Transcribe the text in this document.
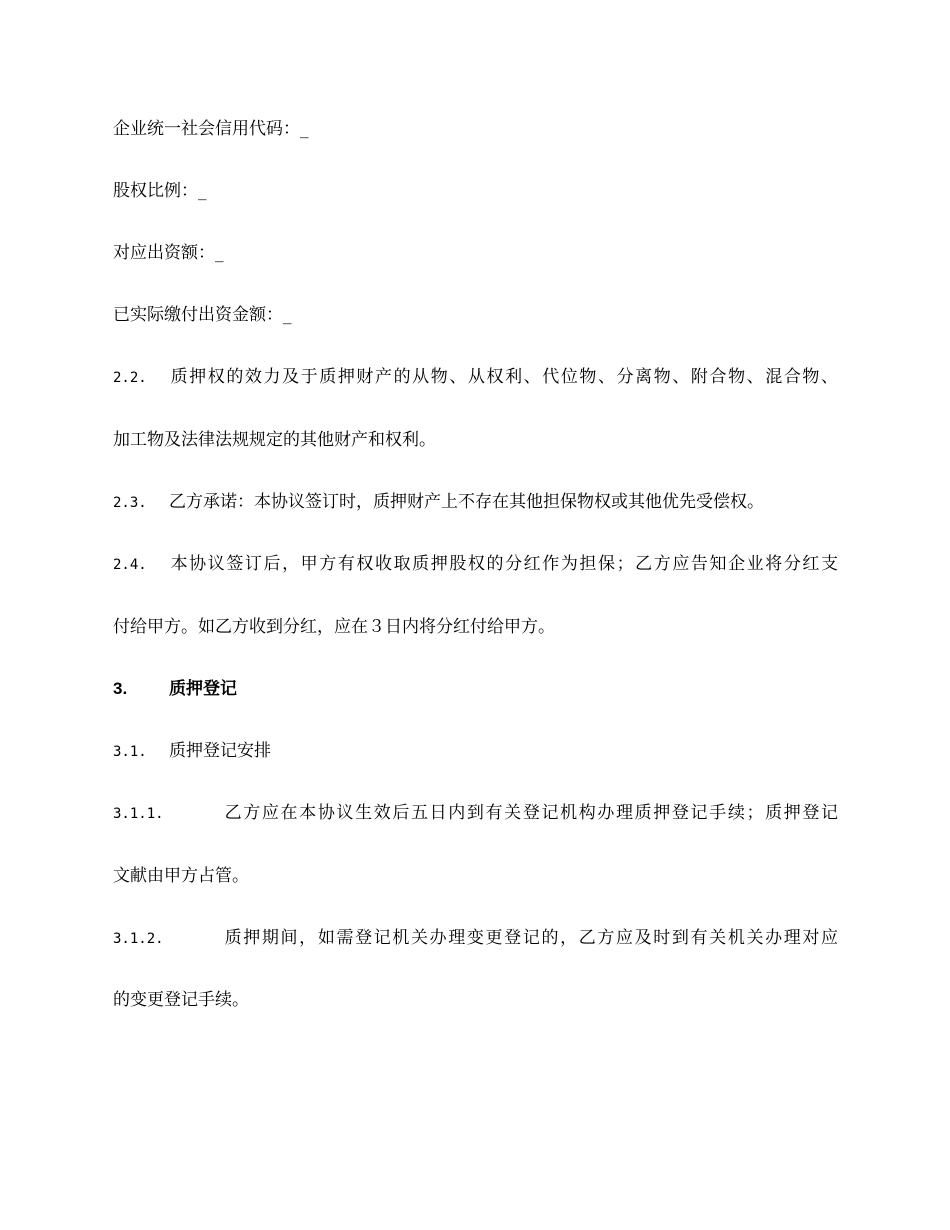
企业统一社会信用代码：_
股权比例：_
对应出资额：_
已实际缴付出资金额：_
2.2. 质押权的效力及于质押财产的从物、从权利、代位物、分离物、附合物、混合物、
加工物及法律法规规定的其他财产和权利。
2.3. 乙方承诺：本协议签订时，质押财产上不存在其他担保物权或其他优先受偿权。
2.4. 本协议签订后，甲方有权收取质押股权的分红作为担保；乙方应告知企业将分红支
付给甲方。如乙方收到分红，应在３日内将分红付给甲方。
3. 质押登记
3.1. 质押登记安排
3.1.1.	乙方应在本协议生效后五日内到有关登记机构办理质押登记手续；质押登记
文献由甲方占管。
3.1.2.	质押期间，如需登记机关办理变更登记的，乙方应及时到有关机关办理对应
的变更登记手续。
